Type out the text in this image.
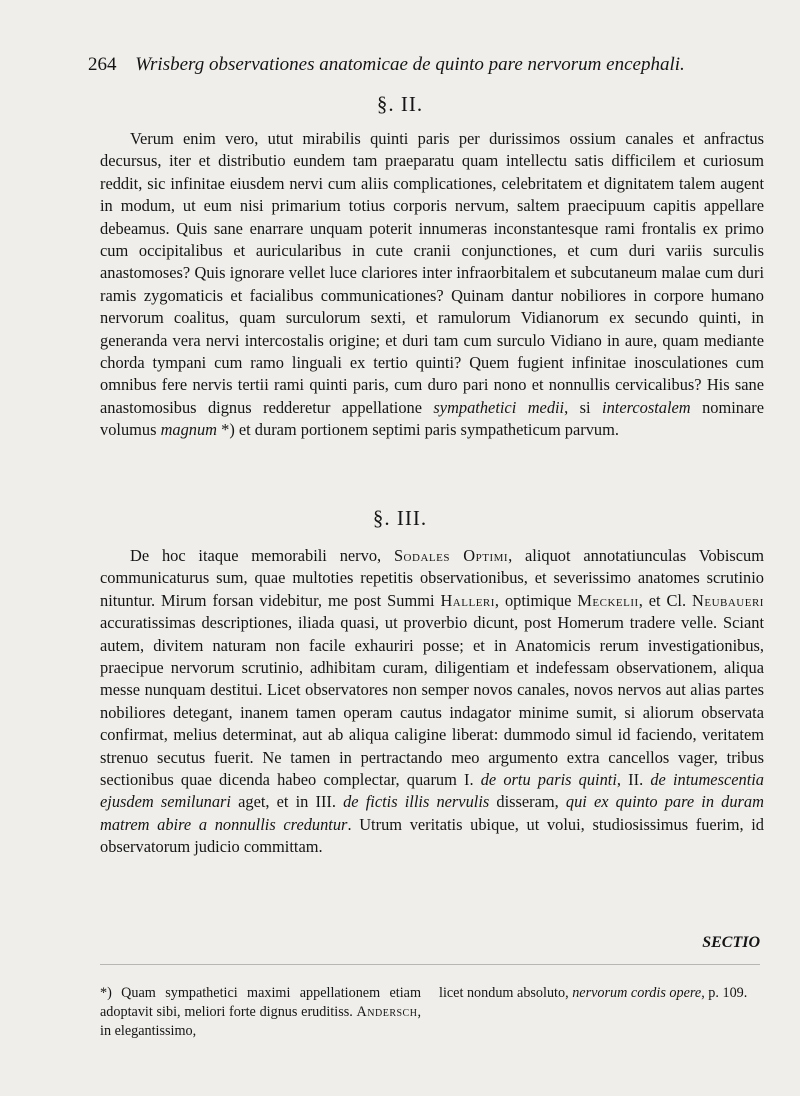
264 Wrisberg observationes anatomicae de quinto pare nervorum encephali.
§. II.

Verum enim vero, utut mirabilis quinti paris per durissimos ossium canales et anfractus decursus, iter et distributio eundem tam praeparatu quam intellectu satis difficilem et curiosum reddit, sic infinitae eiusdem nervi cum aliis complicationes, celebritatem et dignitatem talem augent in modum, ut eum nisi primarium totius corporis nervum, saltem praecipuum capitis appellare debeamus. Quis sane enarrare unquam poterit innumeras inconstantesque rami frontalis ex primo cum occipitalibus et auricularibus in cute cranii conjunctiones, et cum duri variis surculis anastomoses? Quis ignorare vellet luce clariores inter infraorbitalem et subcutaneum malae cum duri ramis zygomaticis et facialibus communicationes? Quinam dantur nobiliores in corpore humano nervorum coalitus, quam surculorum sexti, et ramulorum Vidianorum ex secundo quinti, in generanda vera nervi intercostalis origine; et duri tam cum surculo Vidiano in aure, quam mediante chorda tympani cum ramo linguali ex tertio quinti? Quem fugient infinitae inosculationes cum omnibus fere nervis tertii rami quinti paris, cum duro pari nono et nonnullis cervicalibus? His sane anastomosibus dignus redderetur appellatione sympathetici medii, si intercostalem nominare volumus magnum *) et duram portionem septimi paris sympatheticum parvum.

§. III.

De hoc itaque memorabili nervo, Sodales Optimi, aliquot annotatiunculas Vobiscum communicaturus sum, quae multoties repetitis observationibus, et severissimo anatomes scrutinio nituntur. Mirum forsan videbitur, me post Summi Halleri, optimique Meckelii, et Cl. Neubaueri accuratissimas descriptiones, iliada quasi, ut proverbio dicunt, post Homerum tradere velle. Sciant autem, divitem naturam non facile exhauriri posse; et in Anatomicis rerum investigationibus, praecipue nervorum scrutinio, adhibitam curam, diligentiam et indefessam observationem, aliqua messe nunquam destitui. Licet observatores non semper novos canales, novos nervos aut alias partes nobiliores detegant, inanem tamen operam cautus indagator minime sumit, si aliorum observata confirmat, melius determinat, aut ab aliqua caligine liberat: dummodo simul id faciendo, veritatem strenuo secutus fuerit. Ne tamen in pertractando meo argumento extra cancellos vager, tribus sectionibus quae dicenda habeo complectar, quarum I. de ortu paris quinti, II. de intumescentia ejusdem semilunari aget, et in III. de fictis illis nervulis disseram, qui ex quinto pare in duram matrem abire a nonnullis creduntur. Utrum veritatis ubique, ut volui, studiosissimus fuerim, id observatorum judicio committam.

SECTIO

*) Quam sympathetici maximi appellationem etiam adoptavit sibi, meliori forte dignus eruditiss. Andersch, in elegantissimo,

licet nondum absoluto, nervorum cordis opere, p. 109.
